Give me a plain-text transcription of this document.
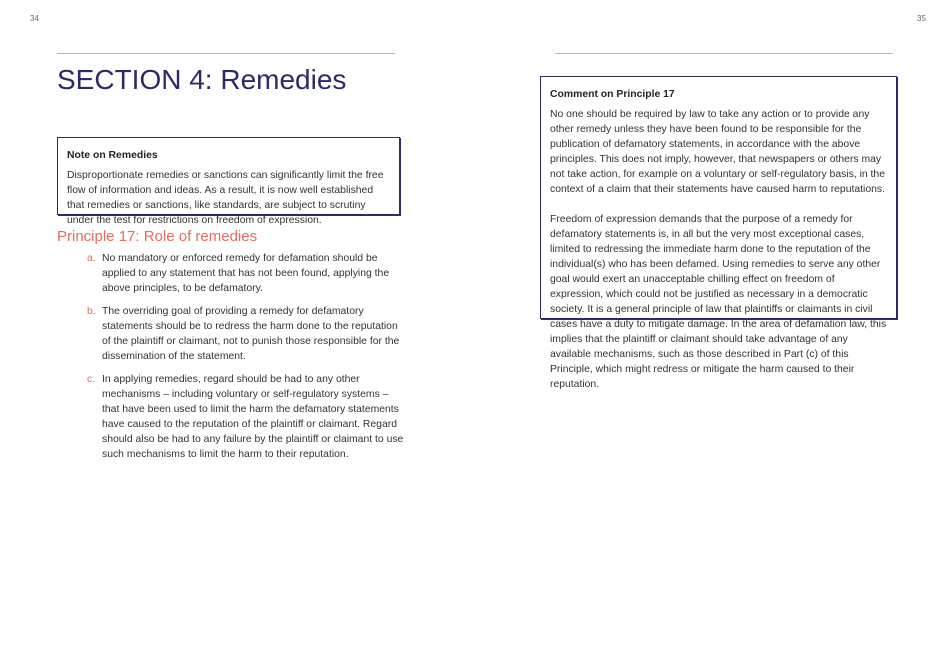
34	35
SECTION 4: Remedies
Note on Remedies

Disproportionate remedies or sanctions can significantly limit the free flow of information and ideas. As a result, it is now well established that remedies or sanctions, like standards, are subject to scrutiny under the test for restrictions on freedom of expression.

Principle 17: Role of remedies
a. No mandatory or enforced remedy for defamation should be applied to any statement that has not been found, applying the above principles, to be defamatory.
b. The overriding goal of providing a remedy for defamatory statements should be to redress the harm done to the reputation of the plaintiff or claimant, not to punish those responsible for the dissemination of the statement.
c. In applying remedies, regard should be had to any other mechanisms – including voluntary or self-regulatory systems – that have been used to limit the harm the defamatory statements have caused to the reputation of the plaintiff or claimant. Regard should also be had to any failure by the plaintiff or claimant to use such mechanisms to limit the harm to their reputation.
Comment on Principle 17

No one should be required by law to take any action or to provide any other remedy unless they have been found to be responsible for the publication of defamatory statements, in accordance with the above principles. This does not imply, however, that newspapers or others may not take action, for example on a voluntary or self-regulatory basis, in the context of a claim that their statements have caused harm to reputations.

Freedom of expression demands that the purpose of a remedy for defamatory statements is, in all but the very most exceptional cases, limited to redressing the immediate harm done to the reputation of the individual(s) who has been defamed. Using remedies to serve any other goal would exert an unacceptable chilling effect on freedom of expression, which could not be justified as necessary in a democratic society. It is a general principle of law that plaintiffs or claimants in civil cases have a duty to mitigate damage. In the area of defamation law, this implies that the plaintiff or claimant should take advantage of any available mechanisms, such as those described in Part (c) of this Principle, which might redress or mitigate the harm caused to their reputation.
